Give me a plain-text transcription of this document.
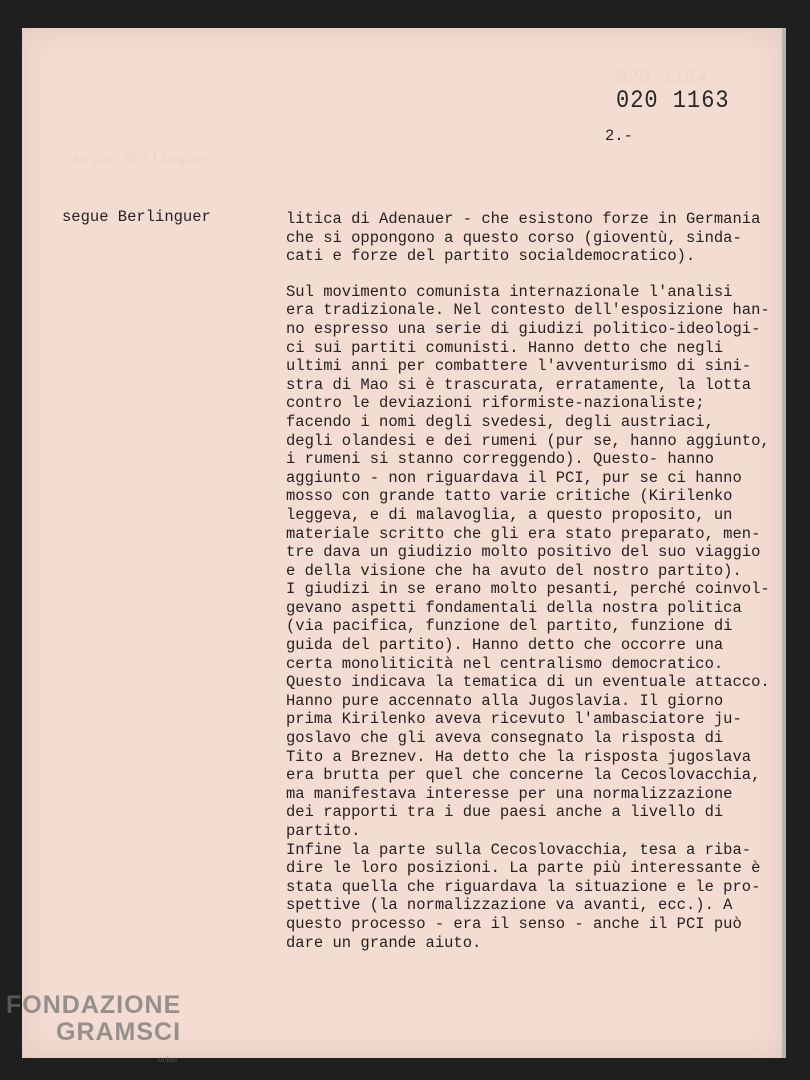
020 1164

segue Berlinguer

020 1163

2.-

segue Berlinguer	litica di Adenauer - che esistono forze in Germania
che si oppongono a questo corso (gioventù, sinda-
cati e forze del partito socialdemocratico).
Sul movimento comunista internazionale l'analisi
era tradizionale. Nel contesto dell'esposizione han-
no espresso una serie di giudizi politico-ideologi-
ci sui partiti comunisti. Hanno detto che negli
ultimi anni per combattere l'avventurismo di sini-
stra di Mao si è trascurata, erratamente, la lotta
contro le deviazioni riformiste-nazionaliste;
facendo i nomi degli svedesi, degli austriaci,
degli olandesi e dei rumeni (pur se, hanno aggiunto,
i rumeni si stanno correggendo). Questo- hanno
aggiunto - non riguardava il PCI, pur se ci hanno
mosso con grande tatto varie critiche (Kirilenko
leggeva, e di malavoglia, a questo proposito, un
materiale scritto che gli era stato preparato, men-
tre dava un giudizio molto positivo del suo viaggio
e della visione che ha avuto del nostro partito).
I giudizi in se erano molto pesanti, perché coinvol-
gevano aspetti fondamentali della nostra politica
(via pacifica, funzione del partito, funzione di
guida del partito). Hanno detto che occorre una
certa monoliticità nel centralismo democratico.
Questo indicava la tematica di un eventuale attacco.
Hanno pure accennato alla Jugoslavia. Il giorno
prima Kirilenko aveva ricevuto l'ambasciatore ju-
goslavo che gli aveva consegnato la risposta di
Tito a Breznev. Ha detto che la risposta jugoslava
era brutta per quel che concerne la Cecoslovacchia,
ma manifestava interesse per una normalizzazione
dei rapporti tra i due paesi anche a livello di
partito.
Infine la parte sulla Cecoslovacchia, tesa a riba-
dire le loro posizioni. La parte più interessante è
stata quella che riguardava la situazione e le pro-
spettive (la normalizzazione va avanti, ecc.). A
questo processo - era il senso - anche il PCI può
dare un grande aiuto.
FONDAZIONE
GRAMSCI
onlus
